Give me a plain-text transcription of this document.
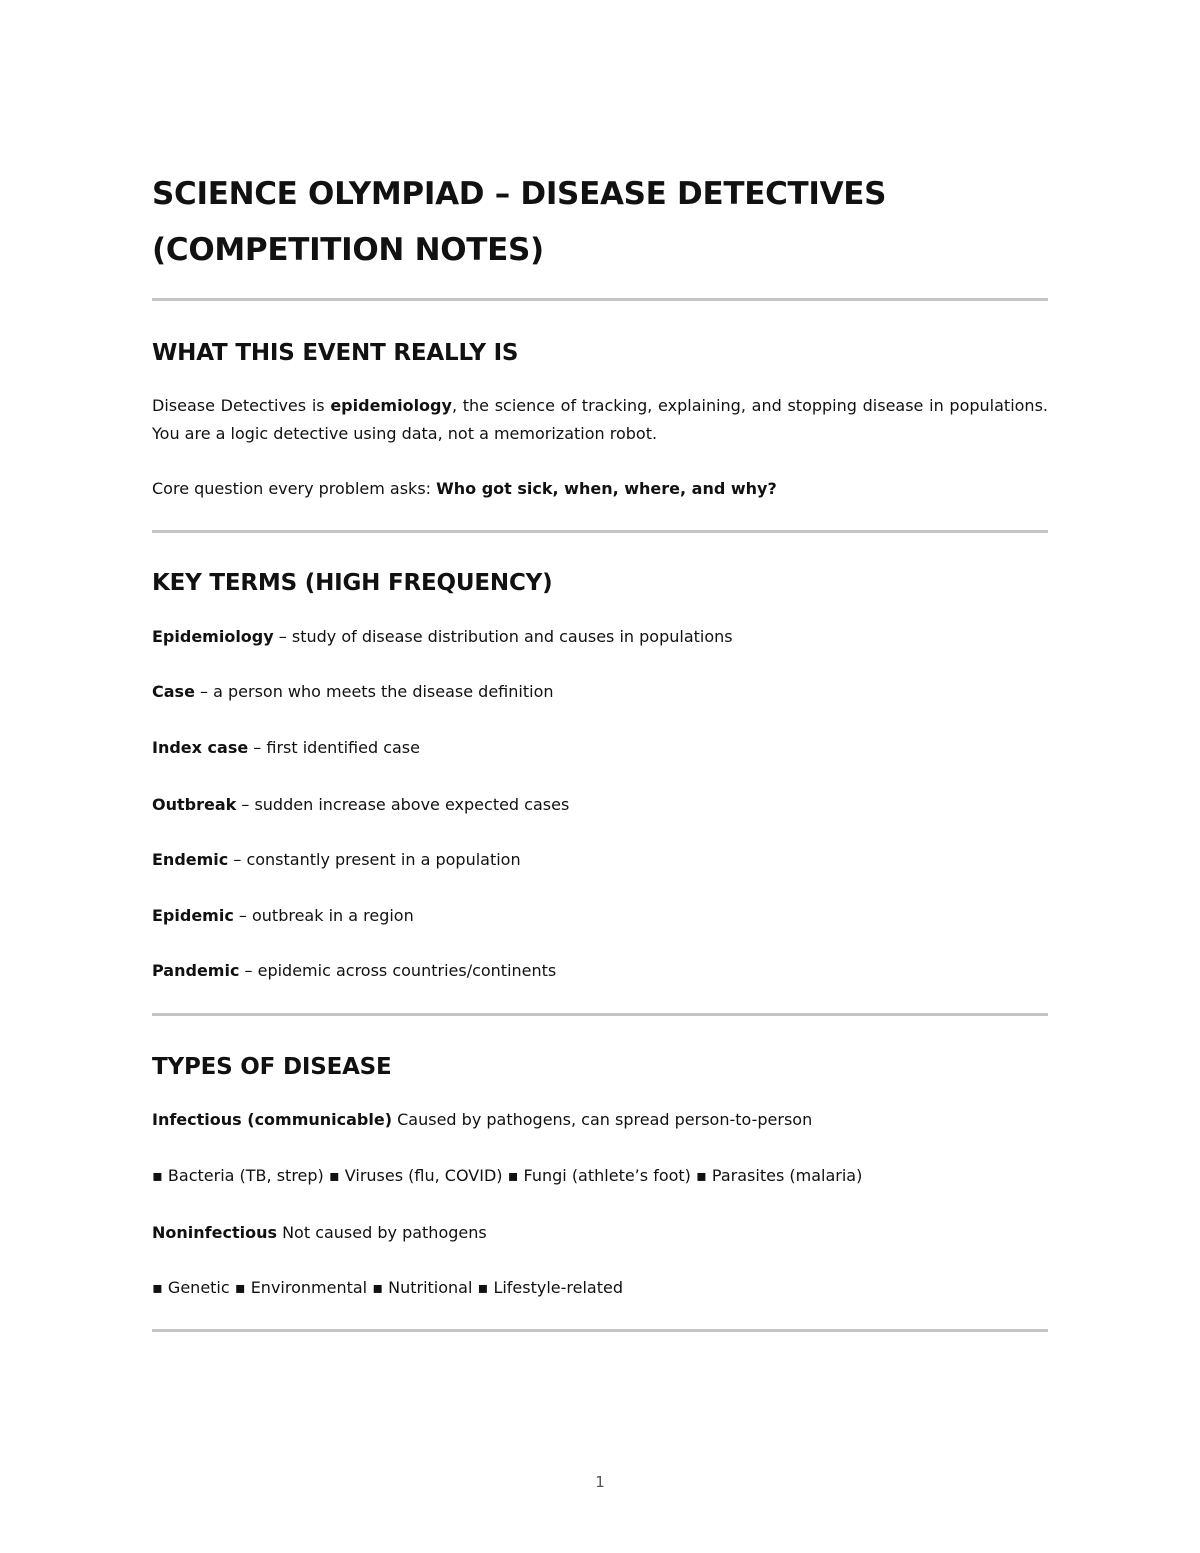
SCIENCE OLYMPIAD – DISEASE DETECTIVES (COMPETITION NOTES)
WHAT THIS EVENT REALLY IS

Disease Detectives is epidemiology, the science of tracking, explaining, and stopping disease in populations. You are a logic detective using data, not a memorization robot.

Core question every problem asks: Who got sick, when, where, and why?

KEY TERMS (HIGH FREQUENCY)

Epidemiology – study of disease distribution and causes in populations

Case – a person who meets the disease definition

Index case – first identified case

Outbreak – sudden increase above expected cases

Endemic – constantly present in a population

Epidemic – outbreak in a region

Pandemic – epidemic across countries/continents

TYPES OF DISEASE

Infectious (communicable) Caused by pathogens, can spread person-to-person

▪ Bacteria (TB, strep) ▪ Viruses (flu, COVID) ▪ Fungi (athlete’s foot) ▪ Parasites (malaria)

Noninfectious Not caused by pathogens

▪ Genetic ▪ Environmental ▪ Nutritional ▪ Lifestyle-related

1
